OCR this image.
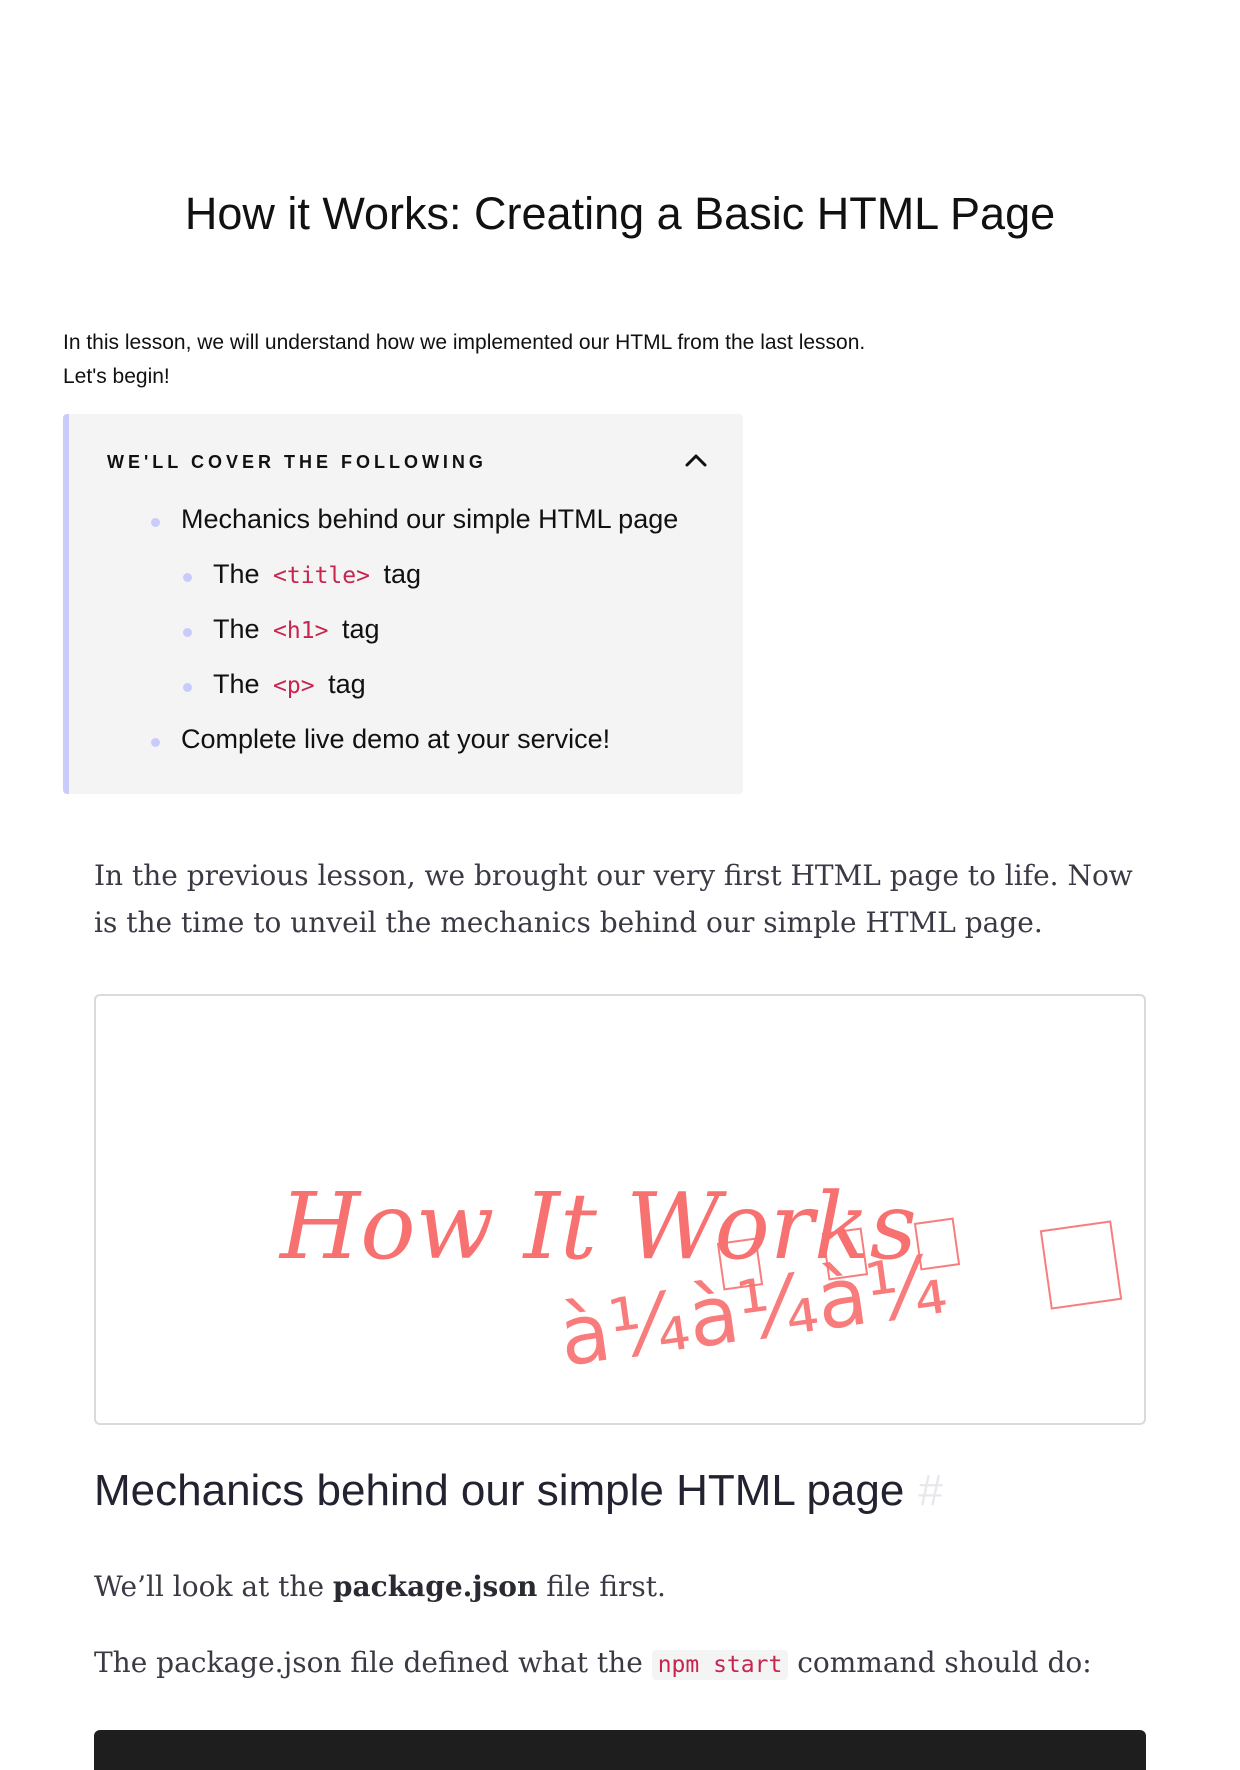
How it Works: Creating a Basic HTML Page

In this lesson, we will understand how we implemented our HTML from the last lesson.

Let's begin!

WE'LL COVER THE FOLLOWING
Mechanics behind our simple HTML page
The <title> tag
The <h1> tag
The <p> tag
Complete live demo at your service!

In the previous lesson, we brought our very first HTML page to life. Now is the time to unveil the mechanics behind our simple HTML page.

How It Works
à¼à¼à¼
Mechanics behind our simple HTML page #

We’ll look at the package.json file first.

The package.json file defined what the npm start command should do:
